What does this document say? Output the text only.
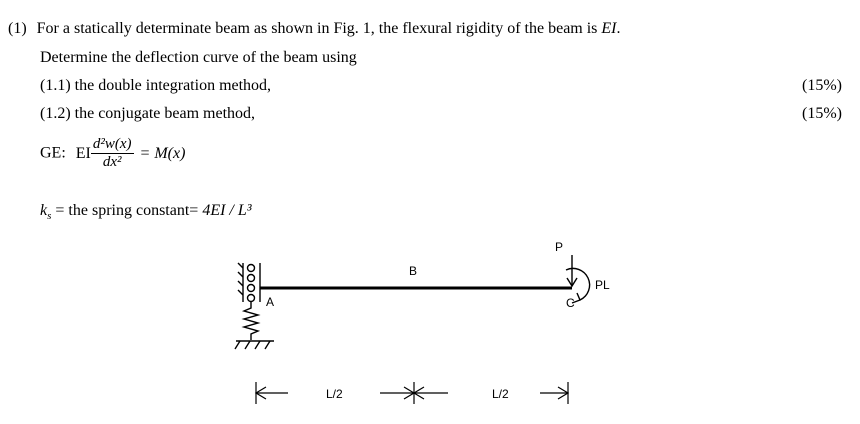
(1) For a statically determinate beam as shown in Fig. 1, the flexural rigidity of the beam is EI.
Determine the deflection curve of the beam using
(1.1) the double integration method,	(15%)
(1.2) the conjugate beam method,	(15%)
GE: EI $\frac{\text{d²w(x)}}{\text{dx²}} = M(x)$
$k_s$ = the spring constant= 4EI / L³
P
PL
A
B
C
L/2	L/2
